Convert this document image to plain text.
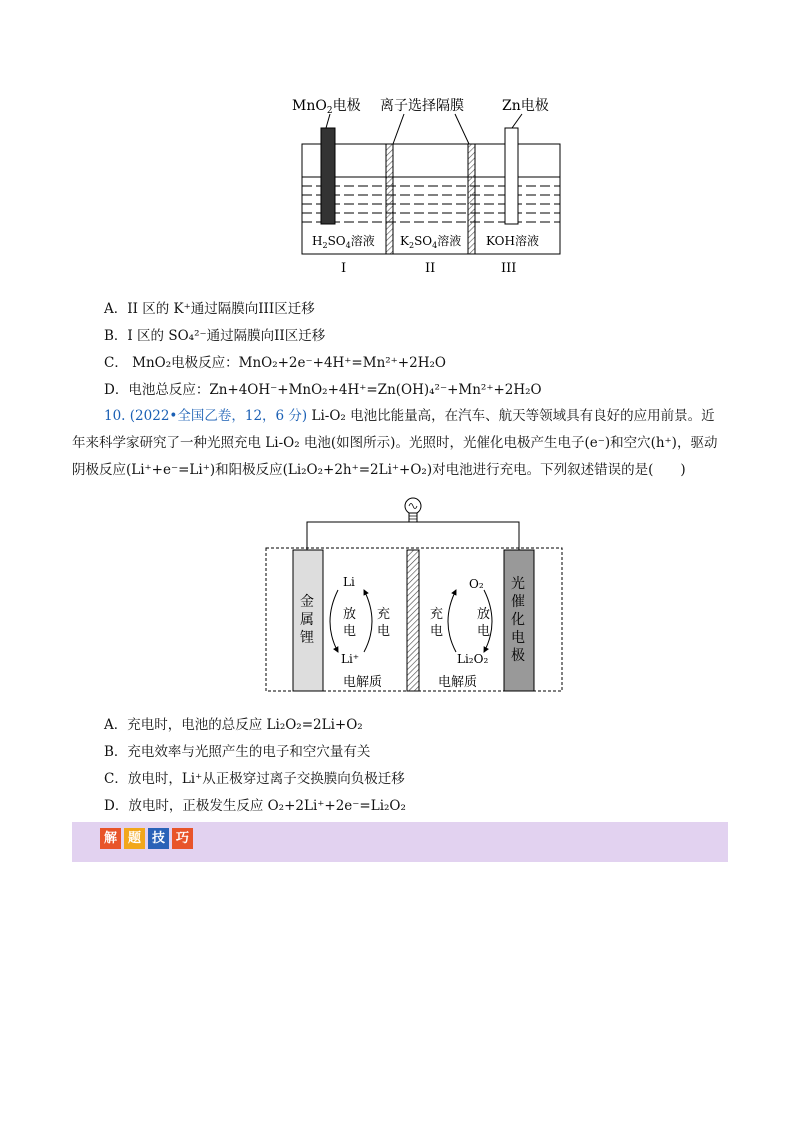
MnO$_2$电极 离子选择隔膜	Zn电极
$H_2SO_4$溶液 $K_2SO_4$溶液 KOH溶液
I	II	III
A．II 区的 K⁺通过隔膜向III区迁移
B．I 区的 SO₄²⁻通过隔膜向II区迁移
C． MnO₂电极反应：MnO₂+2e⁻+4H⁺=Mn²⁺+2H₂O
D．电池总反应：Zn+4OH⁻+MnO₂+4H⁺=Zn(OH)₄²⁻+Mn²⁺+2H₂O
10. (2022•全国乙卷，12，6 分) Li-O₂ 电池比能量高，在汽车、航天等领域具有良好的应用前景。近
年来科学家研究了一种光照充电 Li-O₂ 电池(如图所示)。光照时，光催化电极产生电子(e⁻)和空穴(h⁺)，驱动
阴极反应(Li⁺+e⁻=Li⁺)和阳极反应(Li₂O₂+2h⁺=2Li⁺+O₂)对电池进行充电。下列叙述错误的是(　　)
金
属
锂
光
催
化
电
极
Li
Li⁺
放
电
充
电
电解质
O₂
Li₂O₂
充
电
放
电
电解质
A．充电时，电池的总反应 Li₂O₂=2Li+O₂
B．充电效率与光照产生的电子和空穴量有关
C．放电时，Li⁺从正极穿过离子交换膜向负极迁移
D．放电时，正极发生反应 O₂+2Li⁺+2e⁻=Li₂O₂
解 题 技 巧
